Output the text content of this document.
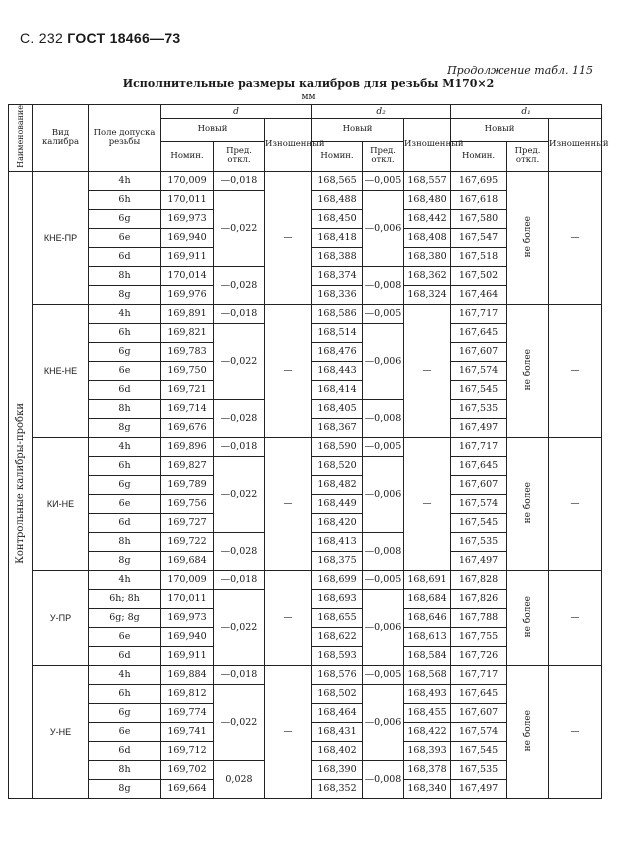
С. 232 ГОСТ 18466—73
Продолжение табл. 115
Исполнительные размеры калибров для резьбы М170×2
мм
Наименование	Вид калибра	Поле допуска резьбы	d			d₂			d₁		
			Новый		Изношенный	Новый		Изношенный	Новый		Изношенный
			Номин.	Пред. откл.		Номин.	Пред. откл.		Номин.	Пред. откл.	
Контрольные калибры-пробки	КНЕ-ПР	4h	170,009	—0,018	—	168,565	—0,005	168,557	167,695	не более	—
		6h	170,011	—0,022		168,488	—0,006	168,480	167,618		
		6g	169,973			168,450		168,442	167,580		
		6e	169,940			168,418		168,408	167,547		
		6d	169,911			168,388		168,380	167,518		
		8h	170,014	—0,028		168,374	—0,008	168,362	167,502		
		8g	169,976			168,336		168,324	167,464		
	КНЕ-НЕ	4h	169,891	—0,018	—	168,586	—0,005	—	167,717	не более	—
		6h	169,821	—0,022		168,514	—0,006		167,645		
		6g	169,783			168,476			167,607		
		6e	169,750			168,443			167,574		
		6d	169,721			168,414			167,545		
		8h	169,714	—0,028		168,405	—0,008		167,535		
		8g	169,676			168,367			167,497		
	КИ-НЕ	4h	169,896	—0,018	—	168,590	—0,005	—	167,717	не более	—
		6h	169,827	—0,022		168,520	—0,006		167,645		
		6g	169,789			168,482			167,607		
		6e	169,756			168,449			167,574		
		6d	169,727			168,420			167,545		
		8h	169,722	—0,028		168,413	—0,008		167,535		
		8g	169,684			168,375			167,497		
	У-ПР	4h	170,009	—0,018	—	168,699	—0,005	168,691	167,828	не более	—
		6h; 8h	170,011	—0,022		168,693	—0,006	168,684	167,826		
		6g; 8g	169,973			168,655		168,646	167,788		
		6e	169,940			168,622		168,613	167,755		
		6d	169,911			168,593		168,584	167,726		
	У-НЕ	4h	169,884	—0,018	—	168,576	—0,005	168,568	167,717	не более	—
		6h	169,812	—0,022		168,502	—0,006	168,493	167,645		
		6g	169,774			168,464		168,455	167,607		
		6e	169,741			168,431		168,422	167,574		
		6d	169,712			168,402		168,393	167,545		
		8h	169,702	0,028		168,390	—0,008	168,378	167,535		
		8g	169,664			168,352		168,340	167,497		
